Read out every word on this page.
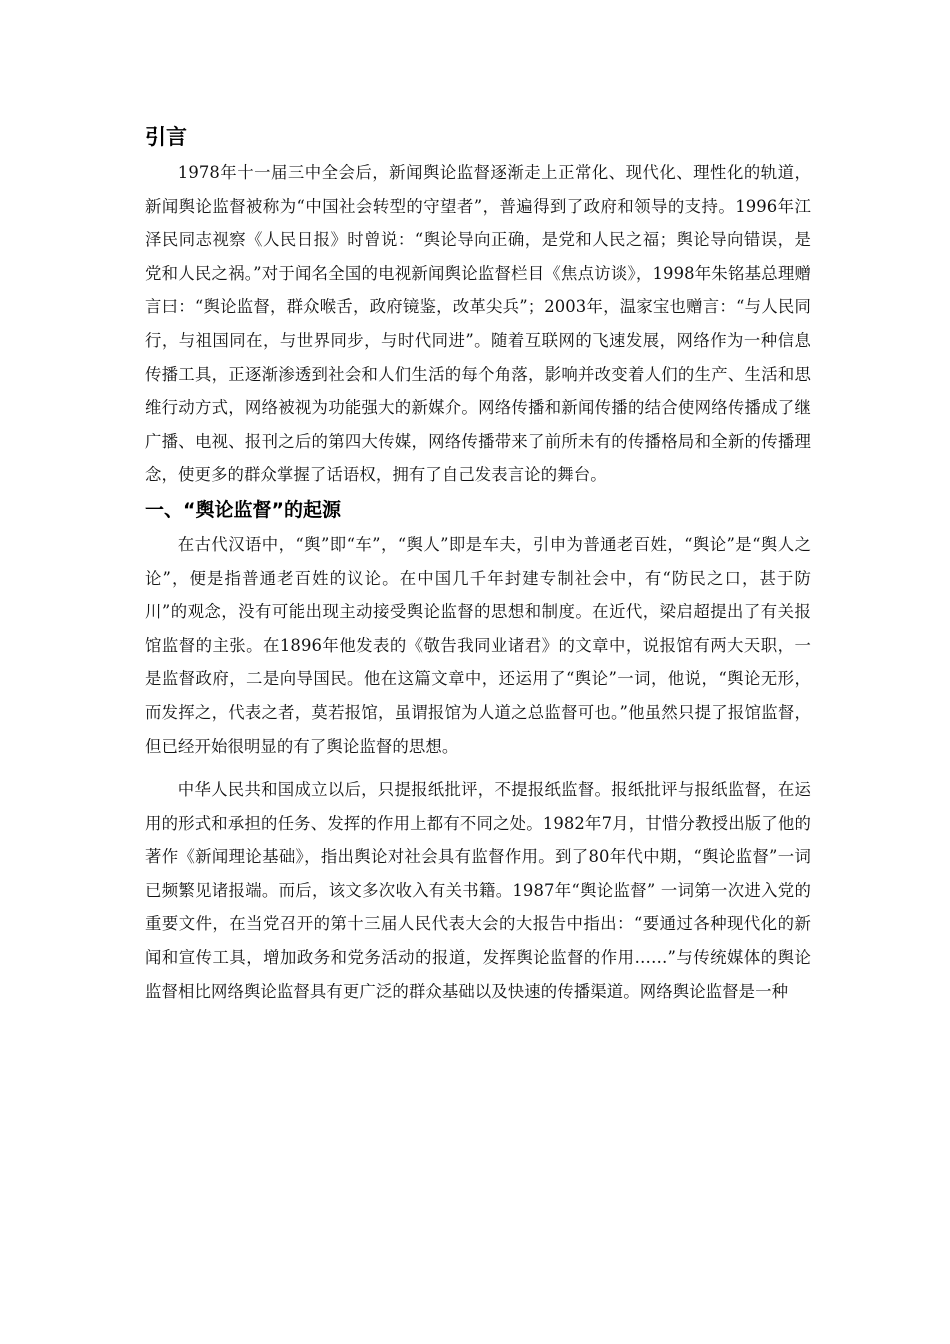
引言

1978年十一届三中全会后，新闻舆论监督逐渐走上正常化、现代化、理性化的轨道，新闻舆论监督被称为“中国社会转型的守望者”，普遍得到了政府和领导的支持。1996年江泽民同志视察《人民日报》时曾说：“舆论导向正确，是党和人民之福；舆论导向错误，是党和人民之祸。”对于闻名全国的电视新闻舆论监督栏目《焦点访谈》，1998年朱铭基总理赠言曰：“舆论监督，群众喉舌，政府镜鉴，改革尖兵”；2003年，温家宝也赠言：“与人民同行，与祖国同在，与世界同步，与时代同进”。随着互联网的飞速发展，网络作为一种信息传播工具，正逐渐渗透到社会和人们生活的每个角落，影响并改变着人们的生产、生活和思维行动方式，网络被视为功能强大的新媒介。网络传播和新闻传播的结合使网络传播成了继广播、电视、报刊之后的第四大传媒，网络传播带来了前所未有的传播格局和全新的传播理念，使更多的群众掌握了话语权，拥有了自己发表言论的舞台。

一、“舆论监督”的起源

在古代汉语中，“舆”即“车”，“舆人”即是车夫，引申为普通老百姓，“舆论”是“舆人之论”，便是指普通老百姓的议论。在中国几千年封建专制社会中，有“防民之口，甚于防川”的观念，没有可能出现主动接受舆论监督的思想和制度。在近代，梁启超提出了有关报馆监督的主张。在1896年他发表的《敬告我同业诸君》的文章中，说报馆有两大天职，一是监督政府，二是向导国民。他在这篇文章中，还运用了“舆论”一词，他说，“舆论无形，而发挥之，代表之者，莫若报馆，虽谓报馆为人道之总监督可也。”他虽然只提了报馆监督，但已经开始很明显的有了舆论监督的思想。

中华人民共和国成立以后，只提报纸批评，不提报纸监督。报纸批评与报纸监督，在运用的形式和承担的任务、发挥的作用上都有不同之处。1982年7月，甘惜分教授出版了他的著作《新闻理论基础》，指出舆论对社会具有监督作用。到了80年代中期，“舆论监督”一词已频繁见诸报端。而后，该文多次收入有关书籍。1987年“舆论监督” 一词第一次进入党的重要文件，在当党召开的第十三届人民代表大会的大报告中指出：“要通过各种现代化的新闻和宣传工具，增加政务和党务活动的报道，发挥舆论监督的作用……”与传统媒体的舆论监督相比网络舆论监督具有更广泛的群众基础以及快速的传播渠道。网络舆论监督是一种
